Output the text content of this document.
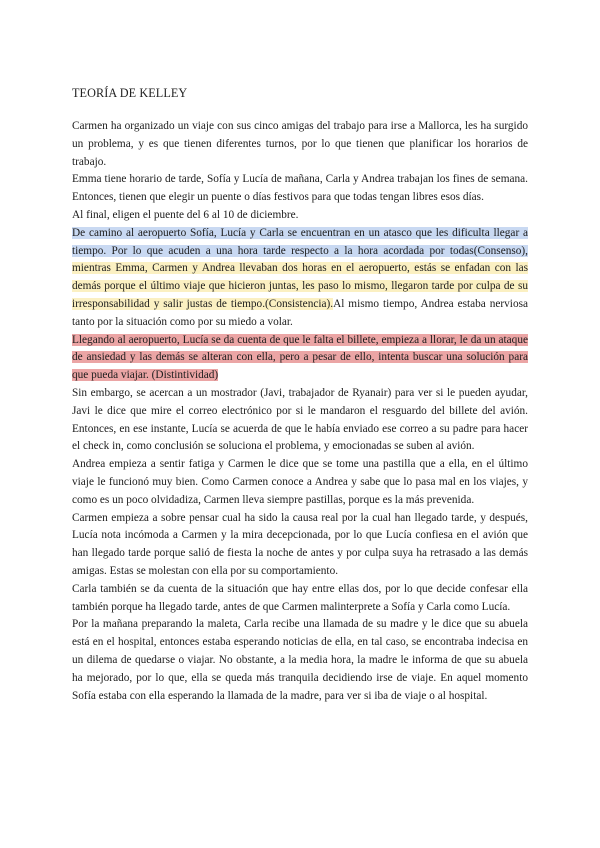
TEORÍA DE KELLEY

Carmen ha organizado un viaje con sus cinco amigas del trabajo para irse a Mallorca, les ha surgido un problema, y es que tienen diferentes turnos, por lo que tienen que planificar los horarios de trabajo.

Emma tiene horario de tarde, Sofía y Lucía de mañana, Carla y Andrea trabajan los fines de semana. Entonces, tienen que elegir un puente o días festivos para que todas tengan libres esos días.

Al final, eligen el puente del 6 al 10 de diciembre.

De camino al aeropuerto Sofía, Lucía y Carla se encuentran en un atasco que les dificulta llegar a tiempo. Por lo que acuden a una hora tarde respecto a la hora acordada por todas(Consenso), mientras Emma, Carmen y Andrea llevaban dos horas en el aeropuerto, estás se enfadan con las demás porque el último viaje que hicieron juntas, les paso lo mismo, llegaron tarde por culpa de su irresponsabilidad y salir justas de tiempo.(Consistencia).Al mismo tiempo, Andrea estaba nerviosa tanto por la situación como por su miedo a volar.

Llegando al aeropuerto, Lucía se da cuenta de que le falta el billete, empieza a llorar, le da un ataque de ansiedad y las demás se alteran con ella, pero a pesar de ello, intenta buscar una solución para que pueda viajar. (Distintividad)

Sin embargo, se acercan a un mostrador (Javi, trabajador de Ryanair) para ver si le pueden ayudar, Javi le dice que mire el correo electrónico por si le mandaron el resguardo del billete del avión. Entonces, en ese instante, Lucía se acuerda de que le había enviado ese correo a su padre para hacer el check in, como conclusión se soluciona el problema, y emocionadas se suben al avión.

Andrea empieza a sentir fatiga y Carmen le dice que se tome una pastilla que a ella, en el último viaje le funcionó muy bien. Como Carmen conoce a Andrea y sabe que lo pasa mal en los viajes, y como es un poco olvidadiza, Carmen lleva siempre pastillas, porque es la más prevenida.

Carmen empieza a sobre pensar cual ha sido la causa real por la cual han llegado tarde, y después, Lucía nota incómoda a Carmen y la mira decepcionada, por lo que Lucía confiesa en el avión que han llegado tarde porque salió de fiesta la noche de antes y por culpa suya ha retrasado a las demás amigas. Estas se molestan con ella por su comportamiento.

Carla también se da cuenta de la situación que hay entre ellas dos, por lo que decide confesar ella también porque ha llegado tarde, antes de que Carmen malinterprete a Sofía y Carla como Lucía.

Por la mañana preparando la maleta, Carla recibe una llamada de su madre y le dice que su abuela está en el hospital, entonces estaba esperando noticias de ella, en tal caso, se encontraba indecisa en un dilema de quedarse o viajar. No obstante, a la media hora, la madre le informa de que su abuela ha mejorado, por lo que, ella se queda más tranquila decidiendo irse de viaje. En aquel momento Sofía estaba con ella esperando la llamada de la madre, para ver si iba de viaje o al hospital.
